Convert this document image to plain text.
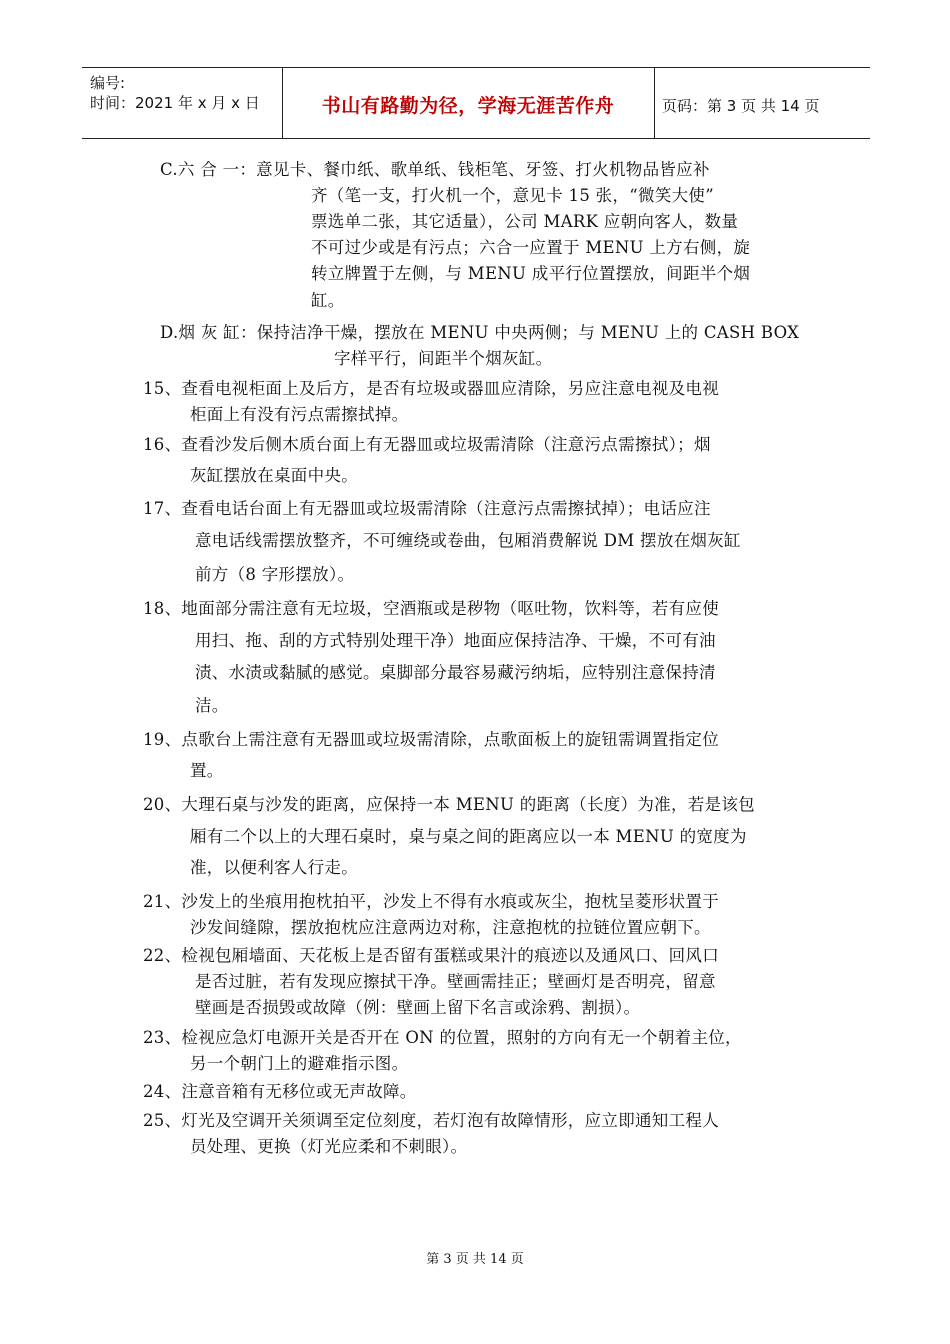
编号:
时间：2021 年 x 月 x 日	书山有路勤为径，学海无涯苦作舟	页码：第 3 页 共 14 页
C.六 合 一：意见卡、餐巾纸、歌单纸、钱柜笔、牙签、打火机物品皆应补
齐（笔一支，打火机一个，意见卡 15 张，“微笑大使”
票选单二张，其它适量），公司 MARK 应朝向客人，数量
不可过少或是有污点；六合一应置于 MENU 上方右侧，旋
转立牌置于左侧，与 MENU 成平行位置摆放，间距半个烟
缸。
D.烟 灰 缸：保持洁净干燥，摆放在 MENU 中央两侧；与 MENU 上的 CASH BOX
字样平行，间距半个烟灰缸。
15、查看电视柜面上及后方，是否有垃圾或器皿应清除，另应注意电视及电视
柜面上有没有污点需擦拭掉。
16、查看沙发后侧木质台面上有无器皿或垃圾需清除（注意污点需擦拭）；烟
灰缸摆放在桌面中央。
17、查看电话台面上有无器皿或垃圾需清除（注意污点需擦拭掉）；电话应注
意电话线需摆放整齐，不可缠绕或卷曲，包厢消费解说 DM 摆放在烟灰缸
前方（8 字形摆放）。
18、地面部分需注意有无垃圾，空酒瓶或是秽物（呕吐物，饮料等，若有应使
用扫、拖、刮的方式特别处理干净）地面应保持洁净、干燥，不可有油
渍、水渍或黏腻的感觉。桌脚部分最容易藏污纳垢，应特别注意保持清
洁。
19、点歌台上需注意有无器皿或垃圾需清除，点歌面板上的旋钮需调置指定位
置。
20、大理石桌与沙发的距离，应保持一本 MENU 的距离（长度）为准，若是该包
厢有二个以上的大理石桌时，桌与桌之间的距离应以一本 MENU 的宽度为
准，以便利客人行走。
21、沙发上的坐痕用抱枕拍平，沙发上不得有水痕或灰尘，抱枕呈菱形状置于
沙发间缝隙，摆放抱枕应注意两边对称，注意抱枕的拉链位置应朝下。
22、检视包厢墙面、天花板上是否留有蛋糕或果汁的痕迹以及通风口、回风口
是否过脏，若有发现应擦拭干净。壁画需挂正；壁画灯是否明亮，留意
壁画是否损毁或故障（例：壁画上留下名言或涂鸦、割损）。
23、检视应急灯电源开关是否开在 ON 的位置，照射的方向有无一个朝着主位，
另一个朝门上的避难指示图。
24、注意音箱有无移位或无声故障。
25、灯光及空调开关须调至定位刻度，若灯泡有故障情形，应立即通知工程人
员处理、更换（灯光应柔和不刺眼）。
第 3 页 共 14 页
